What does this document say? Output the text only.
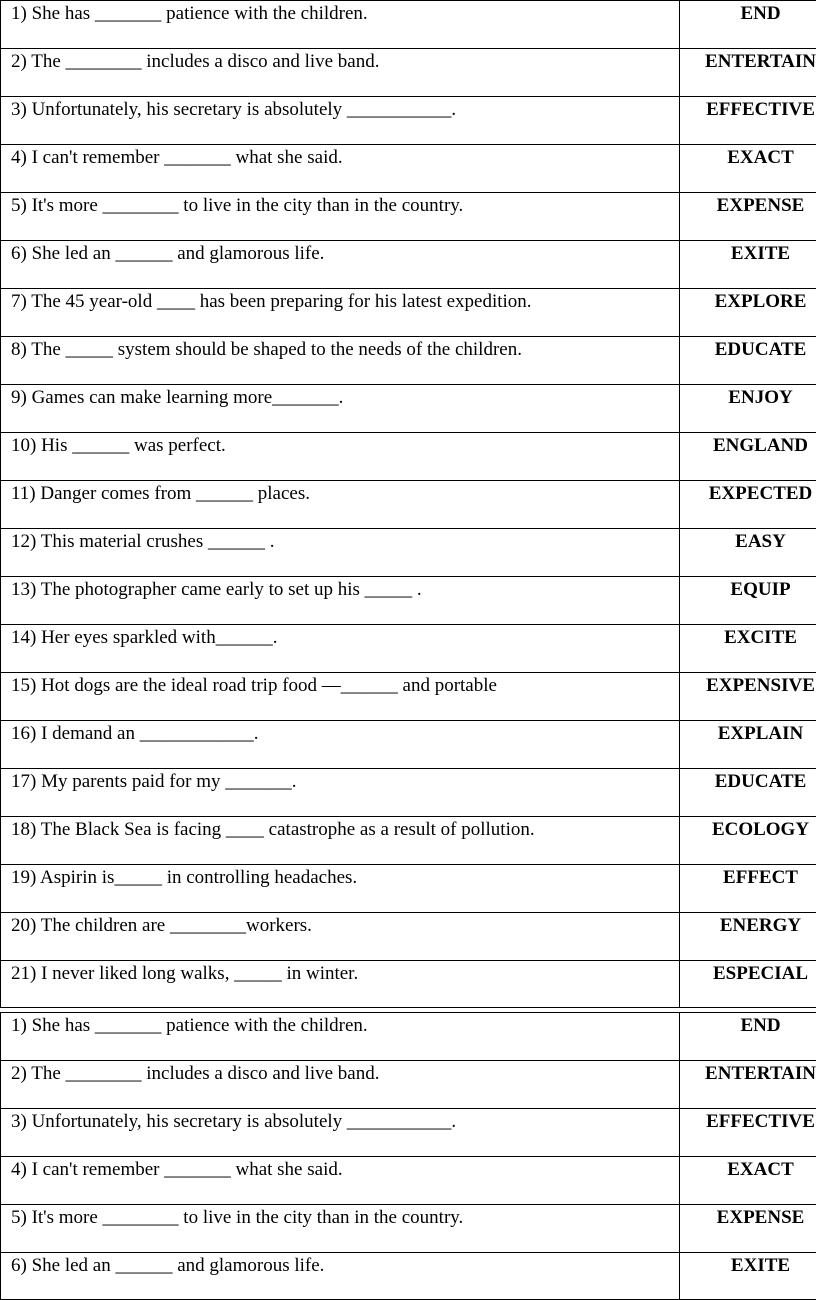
1) She has _______ patience with the children.	END
2) The ________ includes a disco and live band.	ENTERTAIN
3) Unfortunately, his secretary is absolutely ___________.	EFFECTIVE
4) I can't remember _______ what she said.	EXACT
5) It's more ________ to live in the city than in the country.	EXPENSE
6) She led an ______ and glamorous life.	EXITE
7) The 45 year-old ____ has been preparing for his latest expedition.	EXPLORE
8) The _____ system should be shaped to the needs of the children.	EDUCATE
9) Games can make learning more_______.	ENJOY
10) His ______ was perfect.	ENGLAND
11) Danger comes from ______ places.	EXPECTED
12) This material crushes ______ .	EASY
13) The photographer came early to set up his _____ .	EQUIP
14) Her eyes sparkled with______.	EXCITE
15) Hot dogs are the ideal road trip food —______ and portable	EXPENSIVE
16) I demand an ____________.	EXPLAIN
17) My parents paid for my _______.	EDUCATE
18) The Black Sea is facing ____ catastrophe as a result of pollution.	ECOLOGY
19) Aspirin is_____ in controlling headaches.	EFFECT
20) The children are ________workers.	ENERGY
21) I never liked long walks, _____ in winter.	ESPECIAL
1) She has _______ patience with the children.	END
2) The ________ includes a disco and live band.	ENTERTAIN
3) Unfortunately, his secretary is absolutely ___________.	EFFECTIVE
4) I can't remember _______ what she said.	EXACT
5) It's more ________ to live in the city than in the country.	EXPENSE
6) She led an ______ and glamorous life.	EXITE
